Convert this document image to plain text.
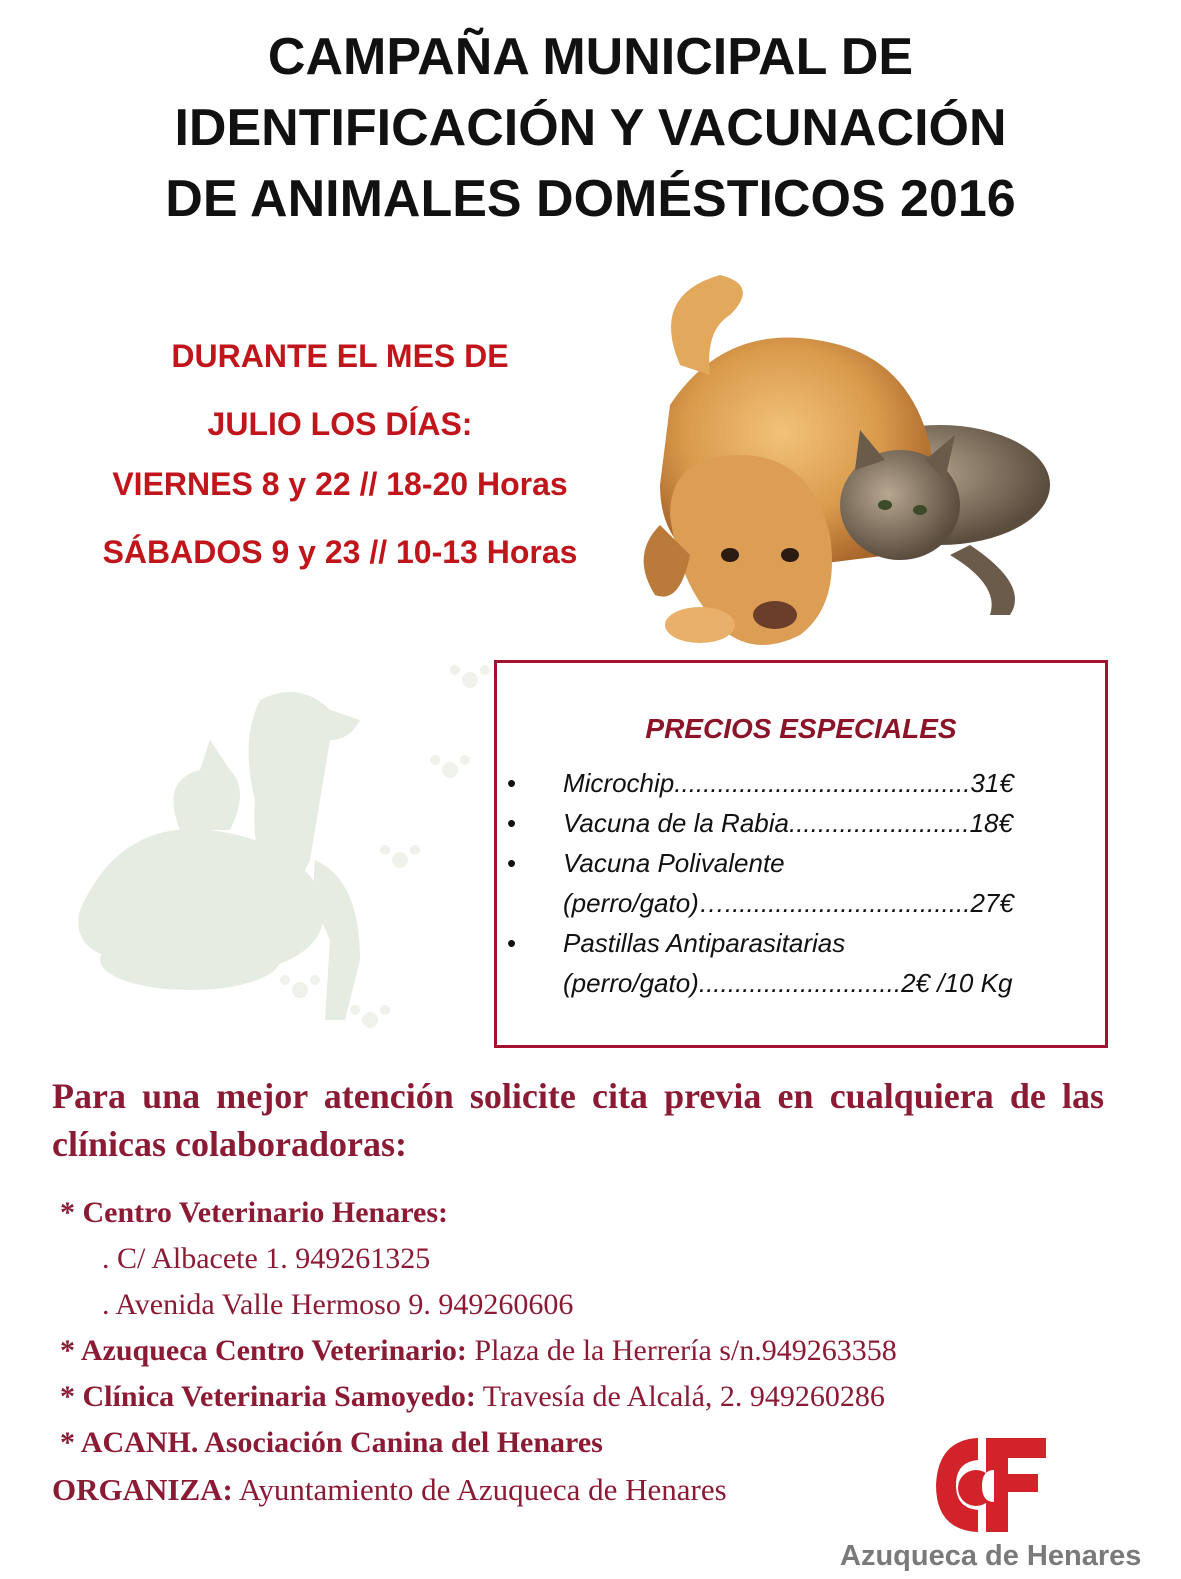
CAMPAÑA MUNICIPAL DE
IDENTIFICACIÓN Y VACUNACIÓN
DE ANIMALES DOMÉSTICOS 2016
DURANTE EL MES DE
JULIO LOS DÍAS:
VIERNES 8 y 22 // 18-20 Horas
SÁBADOS 9 y 23 // 10-13 Horas
PRECIOS ESPECIALES
•	Microchip.........................................31€
•	Vacuna de la Rabia.........................18€
•	Vacuna Polivalente
(perro/gato)…..................................27€
•	Pastillas Antiparasitarias
(perro/gato)............................2€ /10 Kg
Para una mejor atención solicite cita previa en cualquiera de las clínicas colaboradoras:
* Centro Veterinario Henares:
. C/ Albacete 1. 949261325
. Avenida Valle Hermoso 9. 949260606
* Azuqueca Centro Veterinario: Plaza de la Herrería s/n.949263358
* Clínica Veterinaria Samoyedo: Travesía de Alcalá, 2. 949260286
* ACANH. Asociación Canina del Henares
ORGANIZA: Ayuntamiento de Azuqueca de Henares
Azuqueca de Henares
